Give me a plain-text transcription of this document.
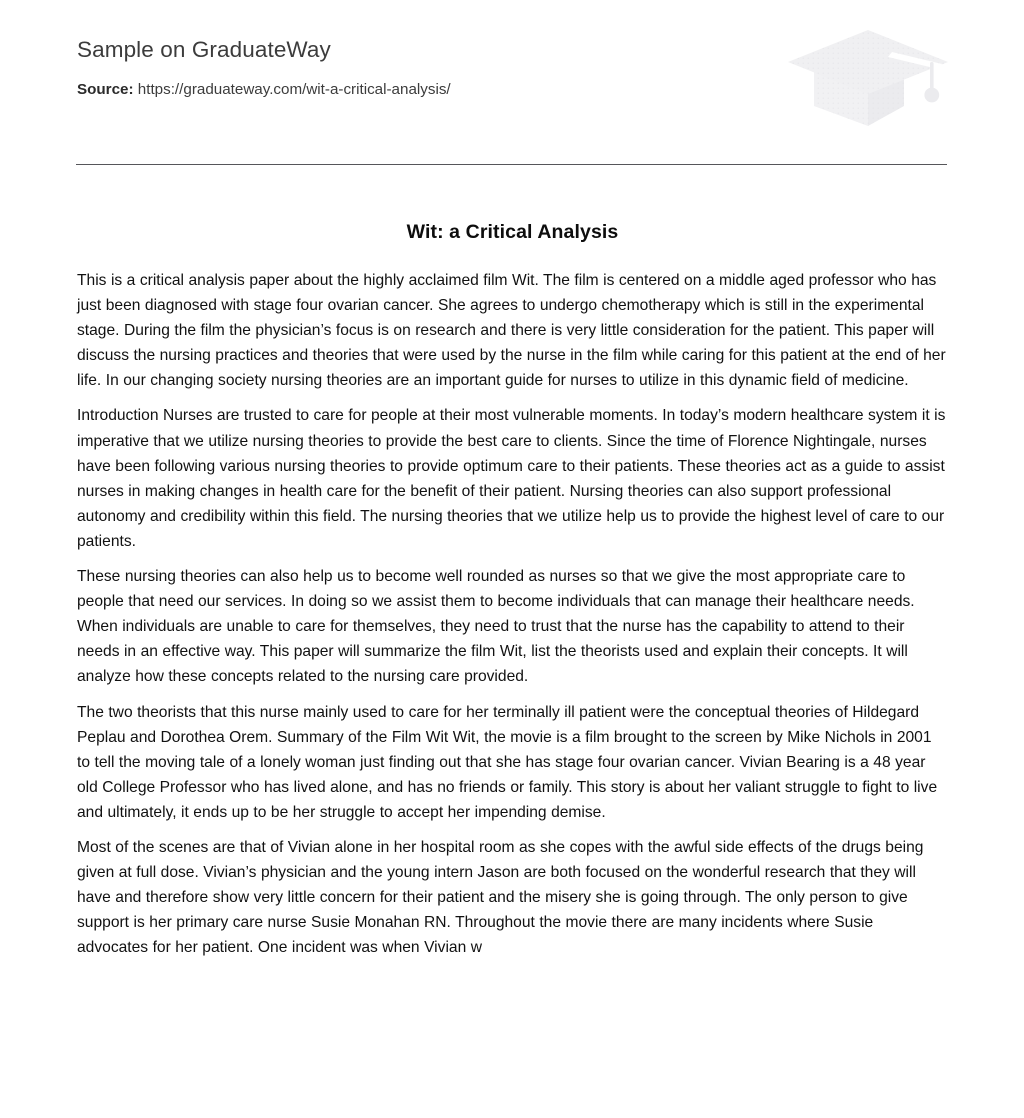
Sample on GraduateWay
Source: https://graduateway.com/wit-a-critical-analysis/
Wit: a Critical Analysis

This is a critical analysis paper about the highly acclaimed film Wit. The film is centered on a middle aged professor who has just been diagnosed with stage four ovarian cancer. She agrees to undergo chemotherapy which is still in the experimental stage. During the film the physician’s focus is on research and there is very little consideration for the patient. This paper will discuss the nursing practices and theories that were used by the nurse in the film while caring for this patient at the end of her life. In our changing society nursing theories are an important guide for nurses to utilize in this dynamic field of medicine.

Introduction Nurses are trusted to care for people at their most vulnerable moments. In today’s modern healthcare system it is imperative that we utilize nursing theories to provide the best care to clients. Since the time of Florence Nightingale, nurses have been following various nursing theories to provide optimum care to their patients. These theories act as a guide to assist nurses in making changes in health care for the benefit of their patient. Nursing theories can also support professional autonomy and credibility within this field. The nursing theories that we utilize help us to provide the highest level of care to our patients.

These nursing theories can also help us to become well rounded as nurses so that we give the most appropriate care to people that need our services. In doing so we assist them to become individuals that can manage their healthcare needs. When individuals are unable to care for themselves, they need to trust that the nurse has the capability to attend to their needs in an effective way. This paper will summarize the film Wit, list the theorists used and explain their concepts. It will analyze how these concepts related to the nursing care provided.

The two theorists that this nurse mainly used to care for her terminally ill patient were the conceptual theories of Hildegard Peplau and Dorothea Orem. Summary of the Film Wit Wit, the movie is a film brought to the screen by Mike Nichols in 2001 to tell the moving tale of a lonely woman just finding out that she has stage four ovarian cancer. Vivian Bearing is a 48 year old College Professor who has lived alone, and has no friends or family. This story is about her valiant struggle to fight to live and ultimately, it ends up to be her struggle to accept her impending demise.

Most of the scenes are that of Vivian alone in her hospital room as she copes with the awful side effects of the drugs being given at full dose. Vivian’s physician and the young intern Jason are both focused on the wonderful research that they will have and therefore show very little concern for their patient and the misery she is going through. The only person to give support is her primary care nurse Susie Monahan RN. Throughout the movie there are many incidents where Susie advocates for her patient. One incident was when Vivian w
